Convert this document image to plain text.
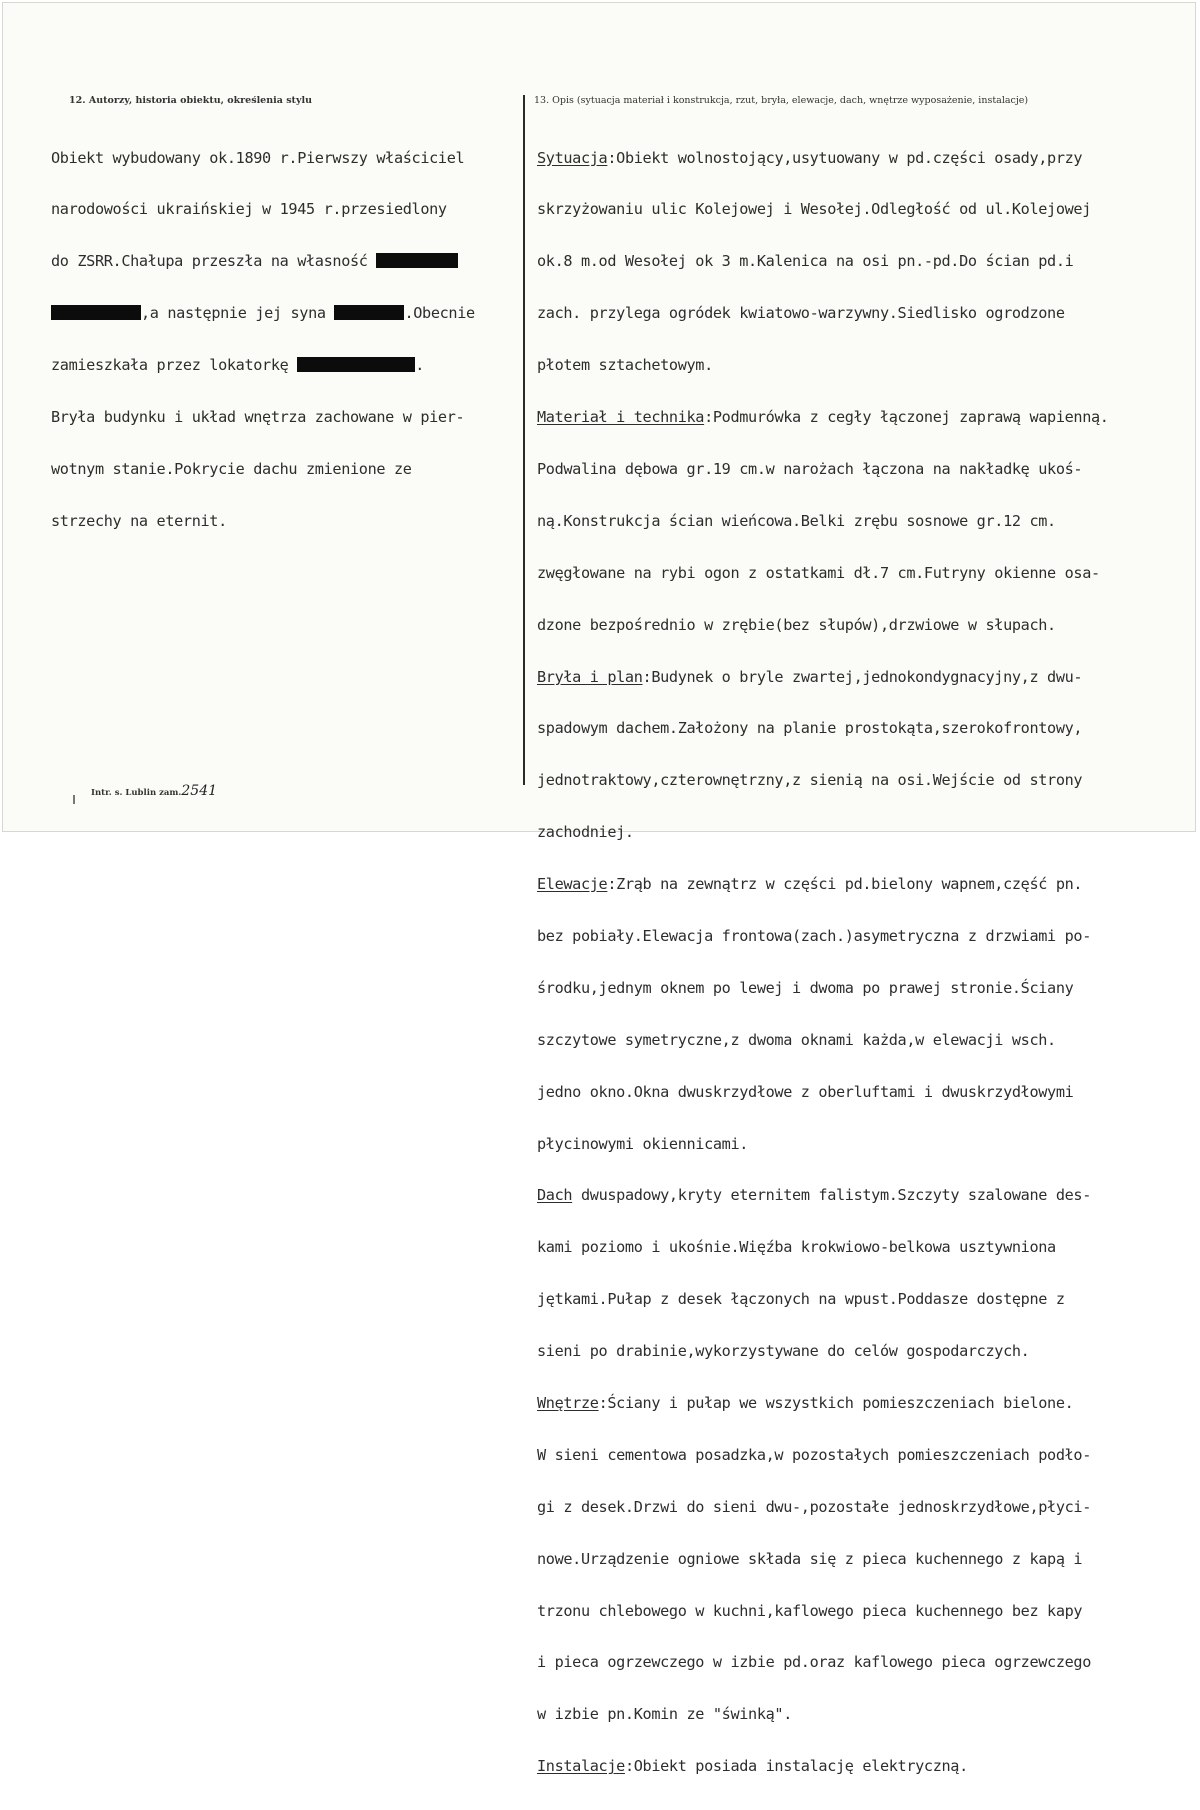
12. Autorzy, historia obiektu, określenia stylu	13. Opis (sytuacja materiał i konstrukcja, rzut, bryła, elewacje, dach, wnętrze wyposażenie, instalacje)

Obiekt wybudowany ok.1890 r.Pierwszy właściciel

narodowości ukraińskiej w 1945 r.przesiedlony

do ZSRR.Chałupa przeszła na własność

,a następnie jej syna	.Obecnie

zamieszkała przez lokatorkę	.

Bryła budynku i układ wnętrza zachowane w pier-

wotnym stanie.Pokrycie dachu zmienione ze

strzechy na eternit.

Sytuacja:Obiekt wolnostojący,usytuowany w pd.części osady,przy

skrzyżowaniu ulic Kolejowej i Wesołej.Odległość od ul.Kolejowej

ok.8 m.od Wesołej ok 3 m.Kalenica na osi pn.-pd.Do ścian pd.i

zach. przylega ogródek kwiatowo-warzywny.Siedlisko ogrodzone

płotem sztachetowym.

Materiał i technika:Podmurówka z cegły łączonej zaprawą wapienną.

Podwalina dębowa gr.19 cm.w narożach łączona na nakładkę ukoś-

ną.Konstrukcja ścian wieńcowa.Belki zrębu sosnowe gr.12 cm.

zwęgłowane na rybi ogon z ostatkami dł.7 cm.Futryny okienne osa-

dzone bezpośrednio w zrębie(bez słupów),drzwiowe w słupach.

Bryła i plan:Budynek o bryle zwartej,jednokondygnacyjny,z dwu-

spadowym dachem.Założony na planie prostokąta,szerokofrontowy,

jednotraktowy,czterownętrzny,z sienią na osi.Wejście od strony

zachodniej.

Elewacje:Zrąb na zewnątrz w części pd.bielony wapnem,część pn.

bez pobiały.Elewacja frontowa(zach.)asymetryczna z drzwiami po-

środku,jednym oknem po lewej i dwoma po prawej stronie.Ściany

szczytowe symetryczne,z dwoma oknami każda,w elewacji wsch.

jedno okno.Okna dwuskrzydłowe z oberluftami i dwuskrzydłowymi

płycinowymi okiennicami.

Dach dwuspadowy,kryty eternitem falistym.Szczyty szalowane des-

kami poziomo i ukośnie.Więźba krokwiowo-belkowa usztywniona

jętkami.Pułap z desek łączonych na wpust.Poddasze dostępne z

sieni po drabinie,wykorzystywane do celów gospodarczych.

Wnętrze:Ściany i pułap we wszystkich pomieszczeniach bielone.

W sieni cementowa posadzka,w pozostałych pomieszczeniach podło-

gi z desek.Drzwi do sieni dwu-,pozostałe jednoskrzydłowe,płyci-

nowe.Urządzenie ogniowe składa się z pieca kuchennego z kapą i

trzonu chlebowego w kuchni,kaflowego pieca kuchennego bez kapy

i pieca ogrzewczego w izbie pd.oraz kaflowego pieca ogrzewczego

w izbie pn.Komin ze "świnką".

Instalacje:Obiekt posiada instalację elektryczną.

Intr. s. Lublin zam.2541
